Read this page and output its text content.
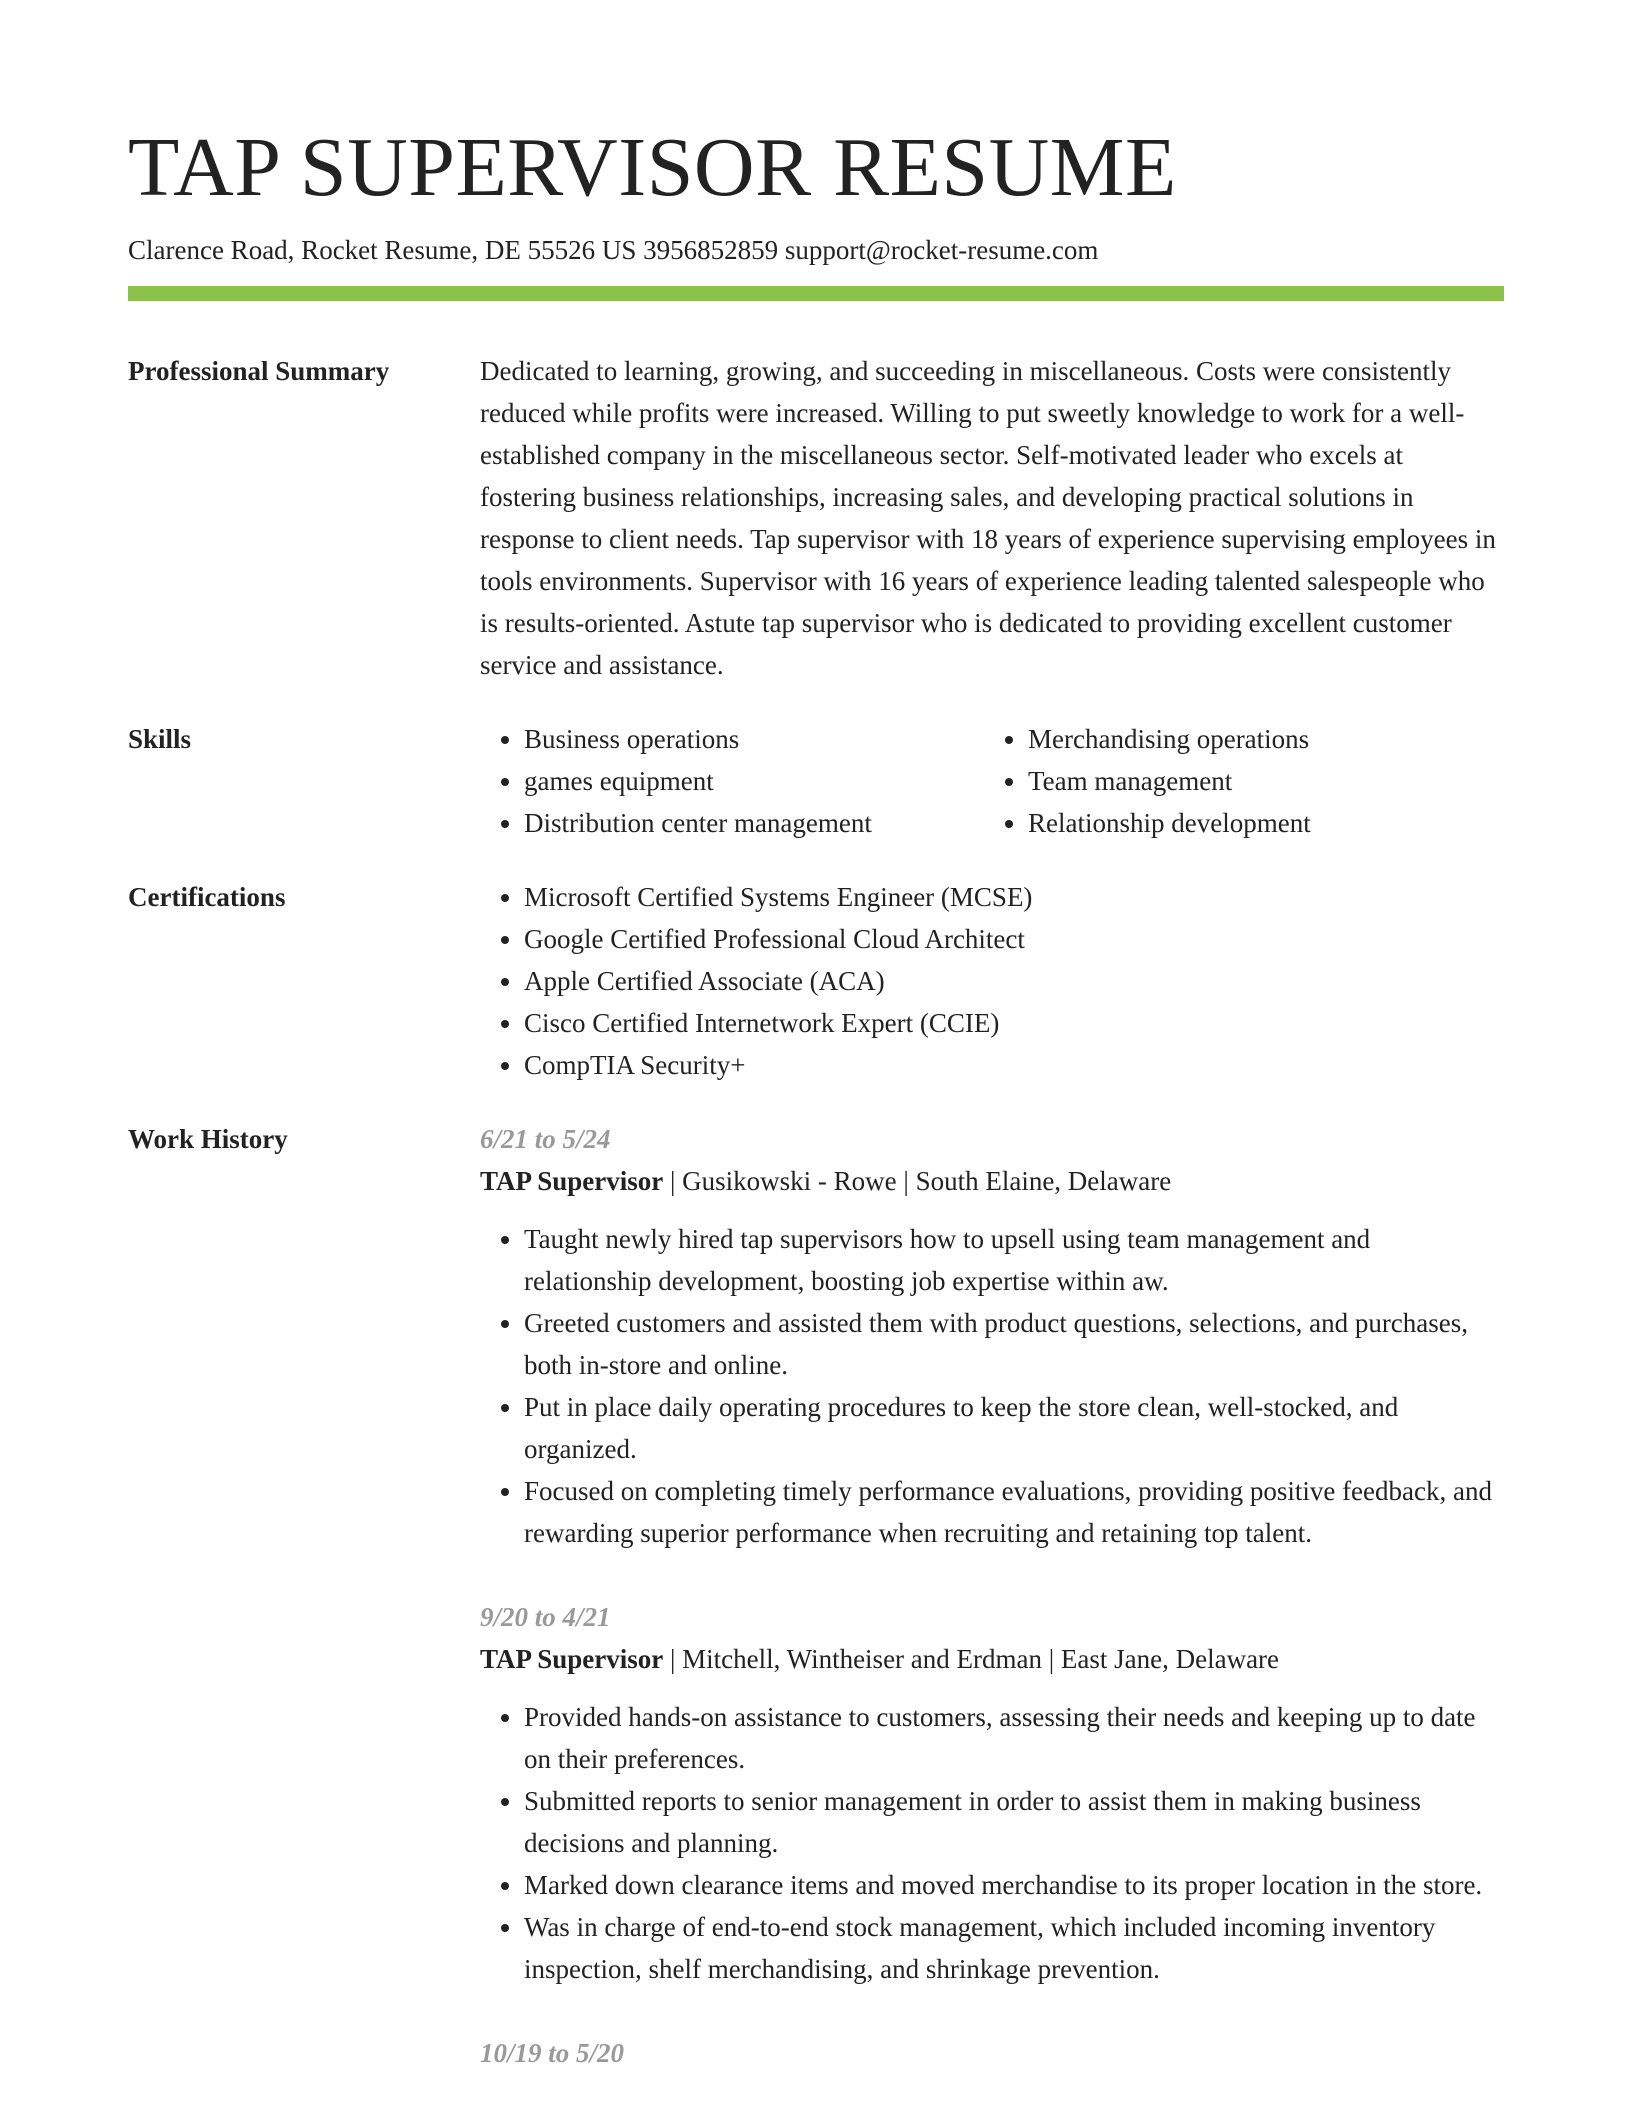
TAP SUPERVISOR RESUME
Clarence Road, Rocket Resume, DE 55526 US 3956852859 support@rocket-resume.com
Professional Summary	Dedicated to learning, growing, and succeeding in miscellaneous. Costs were consistently reduced while profits were increased. Willing to put sweetly knowledge to work for a well-established company in the miscellaneous sector. Self-motivated leader who excels at fostering business relationships, increasing sales, and developing practical solutions in response to client needs. Tap supervisor with 18 years of experience supervising employees in tools environments. Supervisor with 16 years of experience leading talented salespeople who is results-oriented. Astute tap supervisor who is dedicated to providing excellent customer service and assistance.

Skills	• Business operations
• games equipment
• Distribution center management
• Merchandising operations
• Team management
• Relationship development
Certifications	• Microsoft Certified Systems Engineer (MCSE)
• Google Certified Professional Cloud Architect
• Apple Certified Associate (ACA)
• Cisco Certified Internetwork Expert (CCIE)
• CompTIA Security+
Work History	6/21 to 5/24
TAP Supervisor | Gusikowski - Rowe | South Elaine, Delaware
• Taught newly hired tap supervisors how to upsell using team management and relationship development, boosting job expertise within aw.
• Greeted customers and assisted them with product questions, selections, and purchases, both in-store and online.
• Put in place daily operating procedures to keep the store clean, well-stocked, and organized.
• Focused on completing timely performance evaluations, providing positive feedback, and rewarding superior performance when recruiting and retaining top talent.
9/20 to 4/21
TAP Supervisor | Mitchell, Wintheiser and Erdman | East Jane, Delaware
• Provided hands-on assistance to customers, assessing their needs and keeping up to date on their preferences.
• Submitted reports to senior management in order to assist them in making business decisions and planning.
• Marked down clearance items and moved merchandise to its proper location in the store.
• Was in charge of end-to-end stock management, which included incoming inventory inspection, shelf merchandising, and shrinkage prevention.
10/19 to 5/20
